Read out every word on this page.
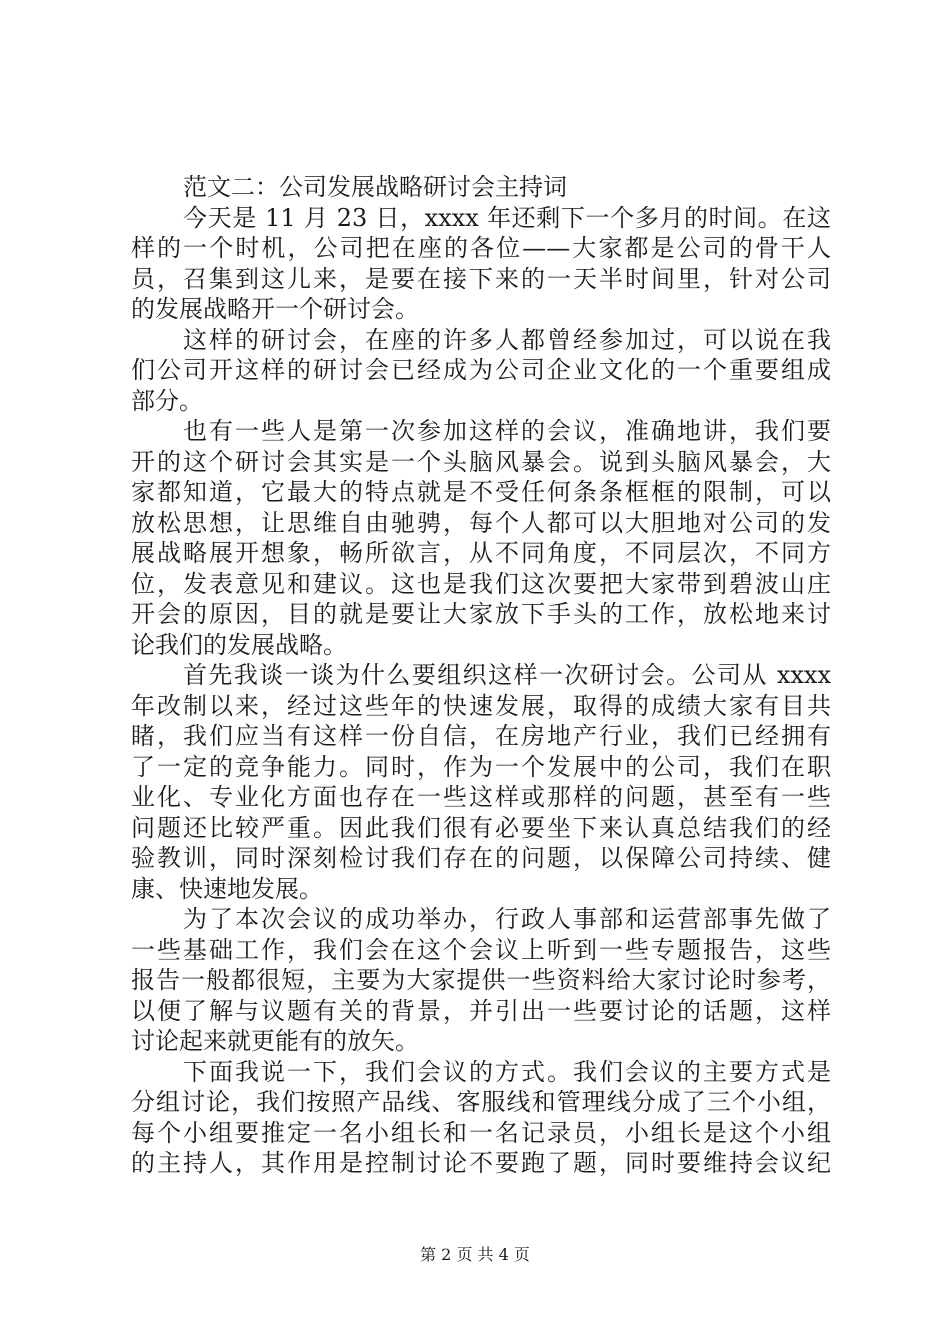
范文二：公司发展战略研讨会主持词
今天是 11 月 23 日，xxxx 年还剩下一个多月的时间。在这
样的一个时机，公司把在座的各位——大家都是公司的骨干人
员，召集到这儿来，是要在接下来的一天半时间里，针对公司
的发展战略开一个研讨会。
这样的研讨会，在座的许多人都曾经参加过，可以说在我
们公司开这样的研讨会已经成为公司企业文化的一个重要组成
部分。
也有一些人是第一次参加这样的会议，准确地讲，我们要
开的这个研讨会其实是一个头脑风暴会。说到头脑风暴会，大
家都知道，它最大的特点就是不受任何条条框框的限制，可以
放松思想，让思维自由驰骋，每个人都可以大胆地对公司的发
展战略展开想象，畅所欲言，从不同角度，不同层次，不同方
位，发表意见和建议。这也是我们这次要把大家带到碧波山庄
开会的原因，目的就是要让大家放下手头的工作，放松地来讨
论我们的发展战略。
首先我谈一谈为什么要组织这样一次研讨会。公司从 xxxx
年改制以来，经过这些年的快速发展，取得的成绩大家有目共
睹，我们应当有这样一份自信，在房地产行业，我们已经拥有
了一定的竞争能力。同时，作为一个发展中的公司，我们在职
业化、专业化方面也存在一些这样或那样的问题，甚至有一些
问题还比较严重。因此我们很有必要坐下来认真总结我们的经
验教训，同时深刻检讨我们存在的问题，以保障公司持续、健
康、快速地发展。
为了本次会议的成功举办，行政人事部和运营部事先做了
一些基础工作，我们会在这个会议上听到一些专题报告，这些
报告一般都很短，主要为大家提供一些资料给大家讨论时参考，
以便了解与议题有关的背景，并引出一些要讨论的话题，这样
讨论起来就更能有的放矢。
下面我说一下，我们会议的方式。我们会议的主要方式是
分组讨论，我们按照产品线、客服线和管理线分成了三个小组，
每个小组要推定一名小组长和一名记录员，小组长是这个小组
的主持人，其作用是控制讨论不要跑了题，同时要维持会议纪
第 2 页 共 4 页
